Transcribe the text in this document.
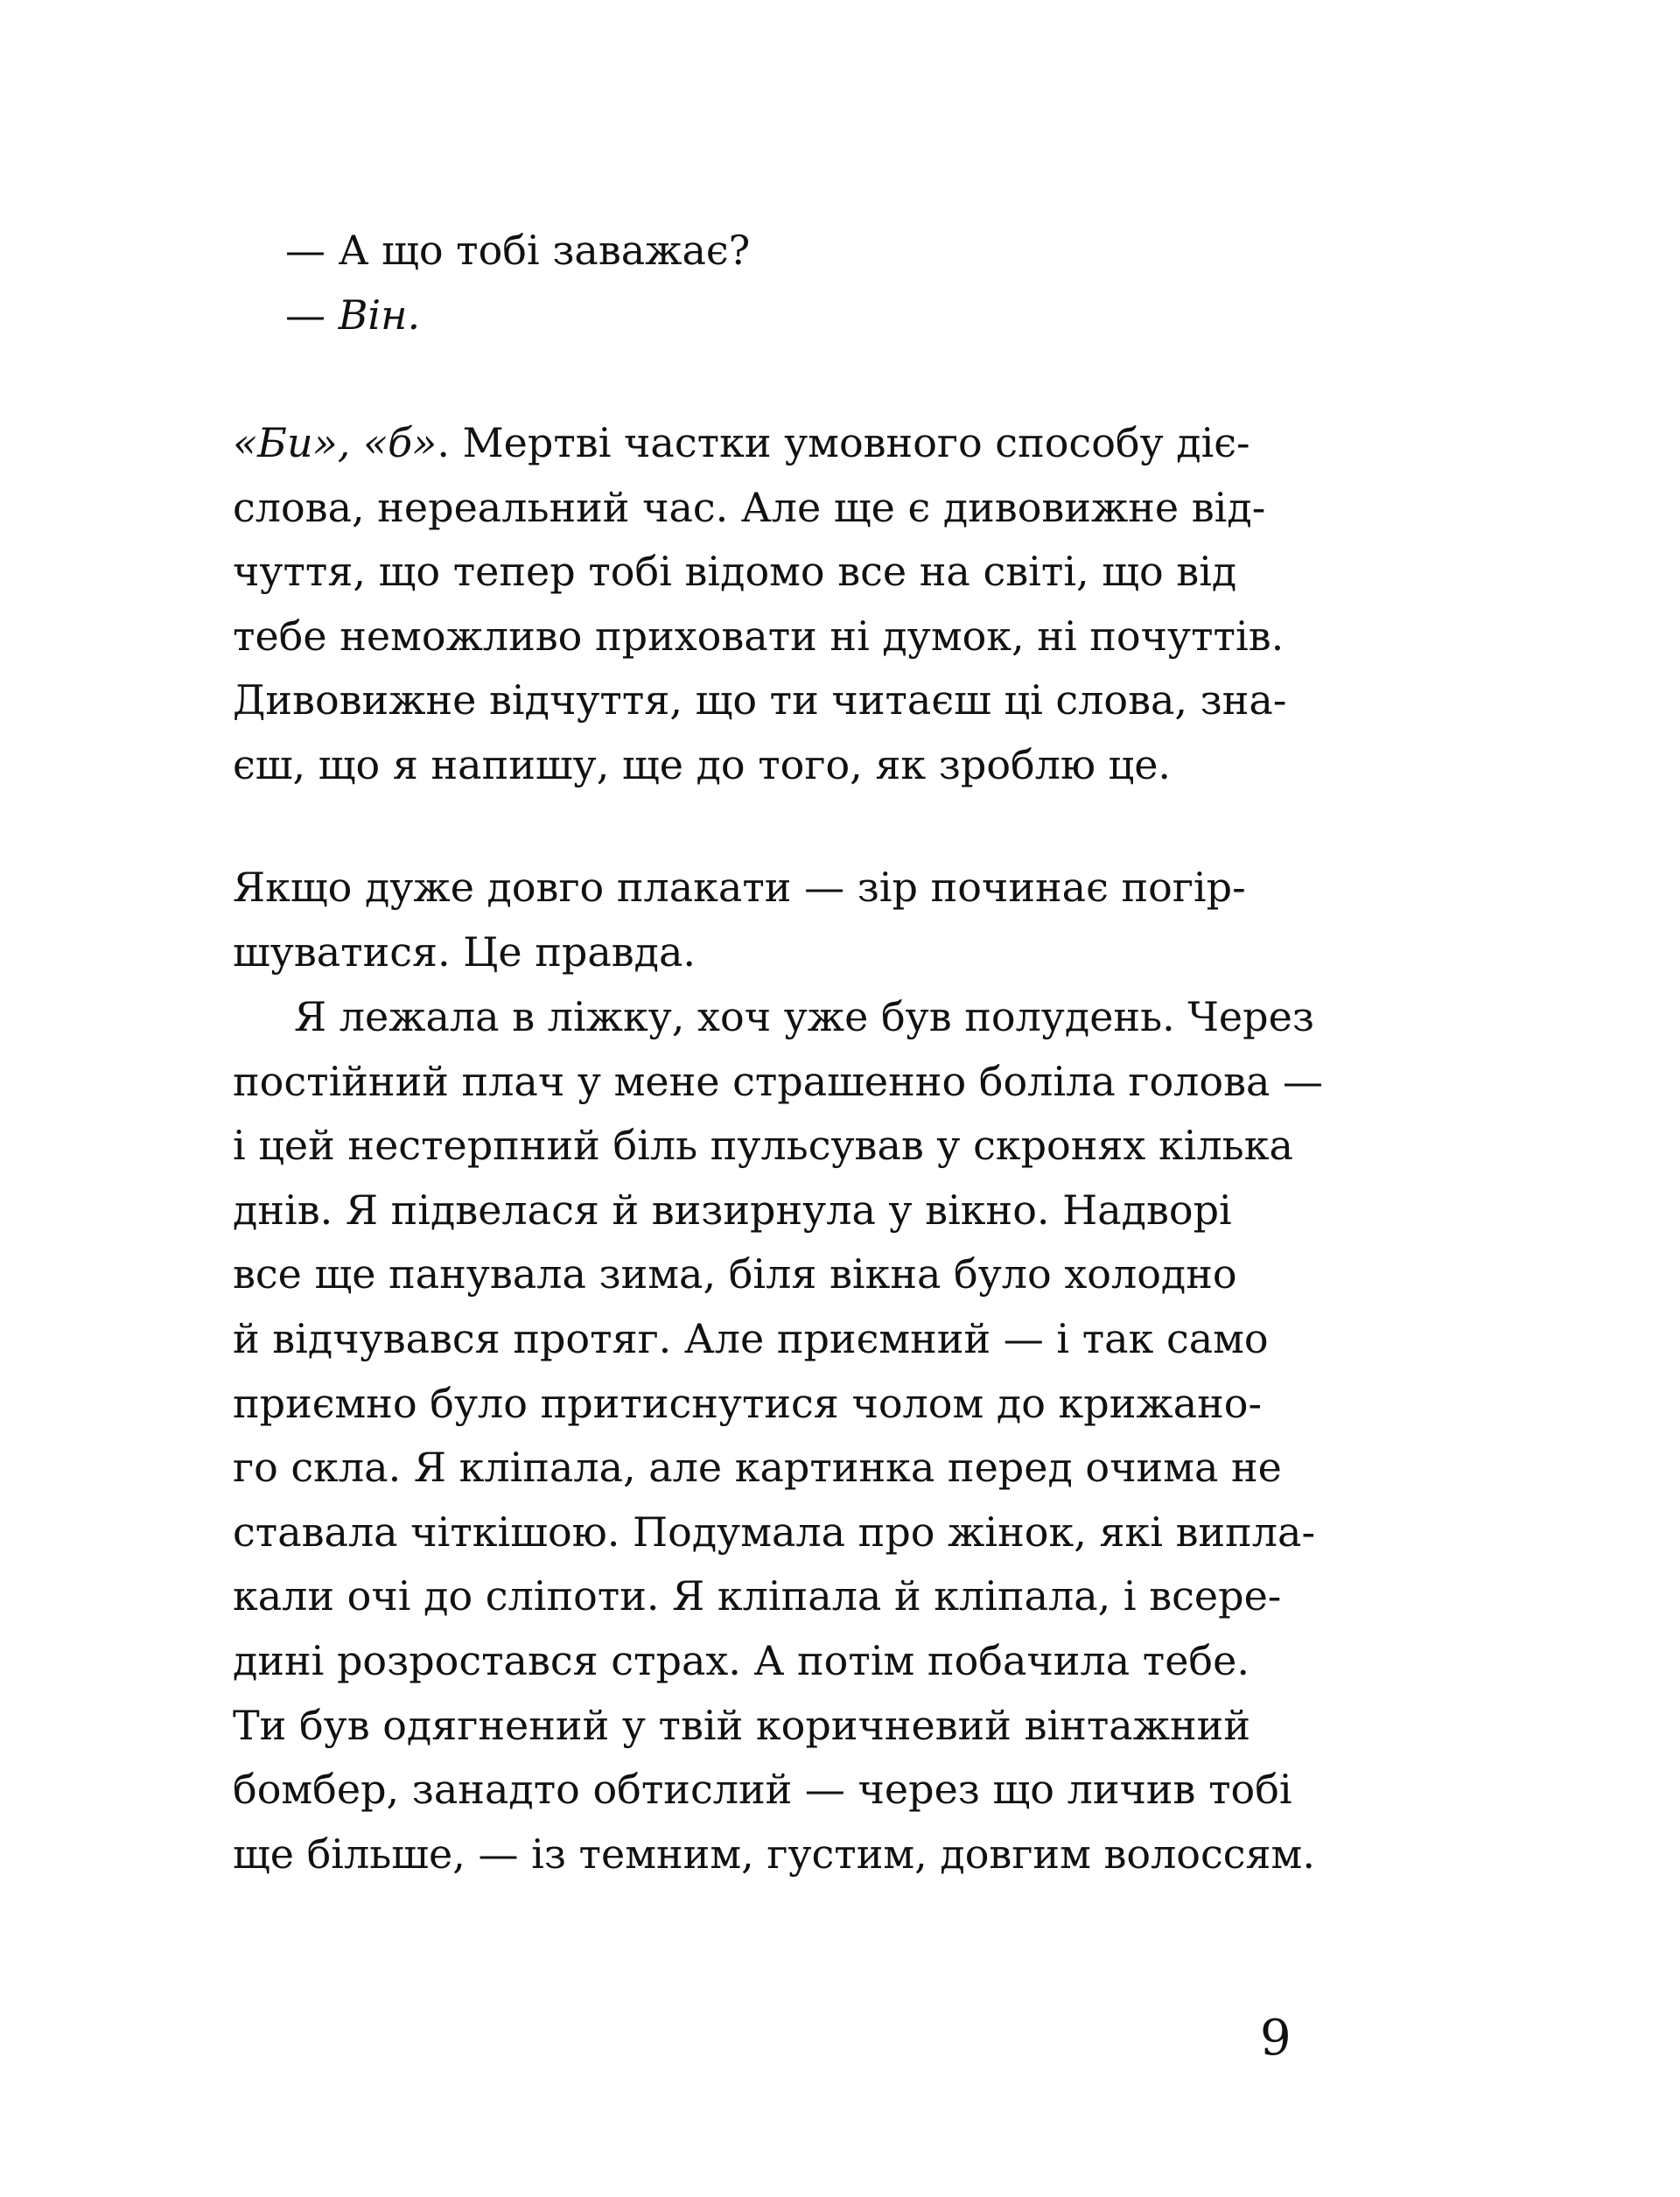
— А що тобі заважає?
— Він.
«Би», «б». Мертві частки умовного способу діє-
слова, нереальний час. Але ще є дивовижне від-
чуття, що тепер тобі відомо все на світі, що від
тебе неможливо приховати ні думок, ні почуттів.
Дивовижне відчуття, що ти читаєш ці слова, зна-
єш, що я напишу, ще до того, як зроблю це.
Якщо дуже довго плакати — зір починає погір-
шуватися. Це правда.
Я лежала в ліжку, хоч уже був полудень. Через
постійний плач у мене страшенно боліла голова —
і цей нестерпний біль пульсував у скронях кілька
днів. Я підвелася й визирнула у вікно. Надворі
все ще панувала зима, біля вікна було холодно
й відчувався протяг. Але приємний — і так само
приємно було притиснутися чолом до крижано-
го скла. Я кліпала, але картинка перед очима не
ставала чіткішою. Подумала про жінок, які випла-
кали очі до сліпоти. Я кліпала й кліпала, і всере-
дині розростався страх. А потім побачила тебе.
Ти був одягнений у твій коричневий вінтажний
бомбер, занадто обтислий — через що личив тобі
ще більше, — із темним, густим, довгим волоссям.
9
